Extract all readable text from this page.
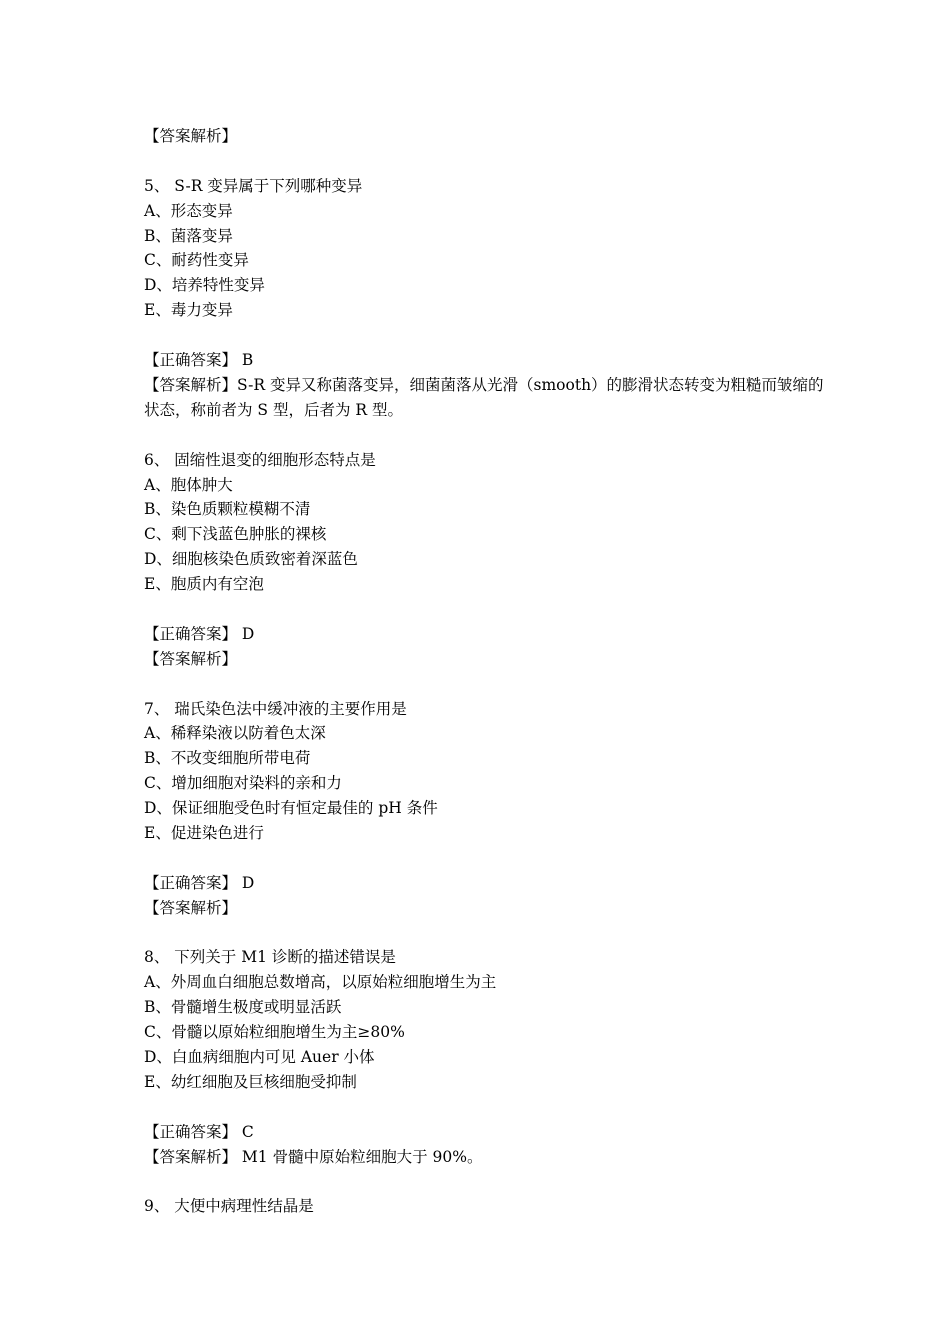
【答案解析】
5、 S-R 变异属于下列哪种变异
A、形态变异
B、菌落变异
C、耐药性变异
D、培养特性变异
E、毒力变异
【正确答案】 B
【答案解析】S-R 变异又称菌落变异，细菌菌落从光滑（smooth）的膨滑状态转变为粗糙而皱缩的状态，称前者为 S 型，后者为 R 型。
6、 固缩性退变的细胞形态特点是
A、胞体肿大
B、染色质颗粒模糊不清
C、剩下浅蓝色肿胀的裸核
D、细胞核染色质致密着深蓝色
E、胞质内有空泡
【正确答案】 D
【答案解析】
7、 瑞氏染色法中缓冲液的主要作用是
A、稀释染液以防着色太深
B、不改变细胞所带电荷
C、增加细胞对染料的亲和力
D、保证细胞受色时有恒定最佳的 pH 条件
E、促进染色进行
【正确答案】 D
【答案解析】
8、 下列关于 M1 诊断的描述错误是
A、外周血白细胞总数增高，以原始粒细胞增生为主
B、骨髓增生极度或明显活跃
C、骨髓以原始粒细胞增生为主≥80%
D、白血病细胞内可见 Auer 小体
E、幼红细胞及巨核细胞受抑制
【正确答案】 C
【答案解析】 M1 骨髓中原始粒细胞大于 90%。
9、 大便中病理性结晶是
